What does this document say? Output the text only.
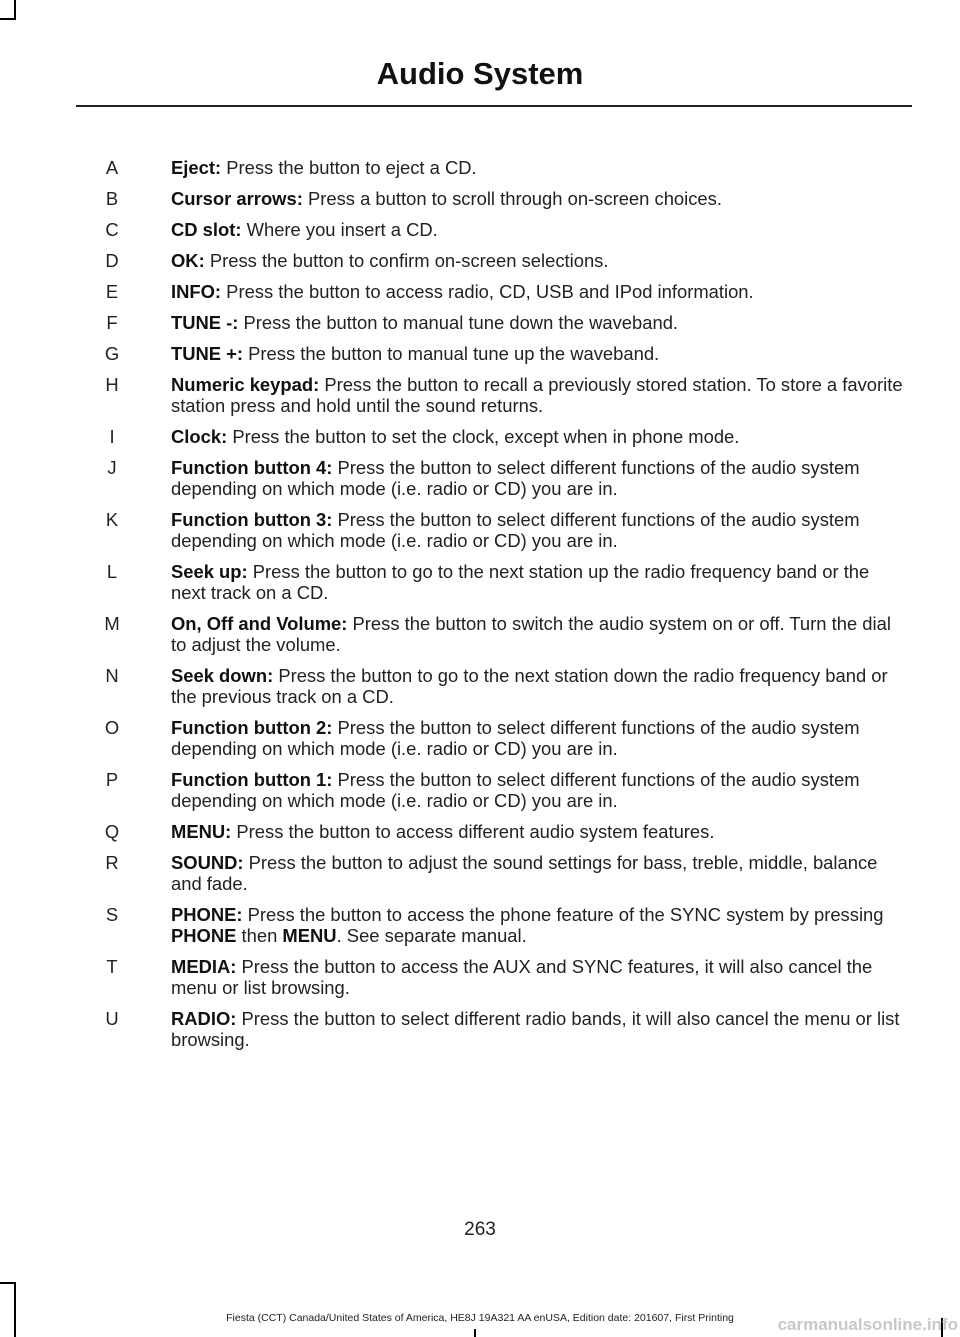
Audio System
A	Eject: Press the button to eject a CD.
B	Cursor arrows: Press a button to scroll through on-screen choices.
C	CD slot: Where you insert a CD.
D	OK: Press the button to confirm on-screen selections.
E	INFO: Press the button to access radio, CD, USB and IPod information.
F	TUNE -: Press the button to manual tune down the waveband.
G	TUNE +: Press the button to manual tune up the waveband.
H	Numeric keypad: Press the button to recall a previously stored station. To store a favorite station press and hold until the sound returns.
I	Clock: Press the button to set the clock, except when in phone mode.
J	Function button 4: Press the button to select different functions of the audio system depending on which mode (i.e. radio or CD) you are in.
K	Function button 3: Press the button to select different functions of the audio system depending on which mode (i.e. radio or CD) you are in.
L	Seek up: Press the button to go to the next station up the radio frequency band or the next track on a CD.
M	On, Off and Volume: Press the button to switch the audio system on or off. Turn the dial to adjust the volume.
N	Seek down: Press the button to go to the next station down the radio frequency band or the previous track on a CD.
O	Function button 2: Press the button to select different functions of the audio system depending on which mode (i.e. radio or CD) you are in.
P	Function button 1: Press the button to select different functions of the audio system depending on which mode (i.e. radio or CD) you are in.
Q	MENU: Press the button to access different audio system features.
R	SOUND: Press the button to adjust the sound settings for bass, treble, middle, balance and fade.
S	PHONE: Press the button to access the phone feature of the SYNC system by pressing PHONE then MENU. See separate manual.
T	MEDIA: Press the button to access the AUX and SYNC features, it will also cancel the menu or list browsing.
U	RADIO: Press the button to select different radio bands, it will also cancel the menu or list browsing.
263
Fiesta (CCT) Canada/United States of America, HE8J 19A321 AA enUSA, Edition date: 201607, First Printing	carmanualsonline.info
